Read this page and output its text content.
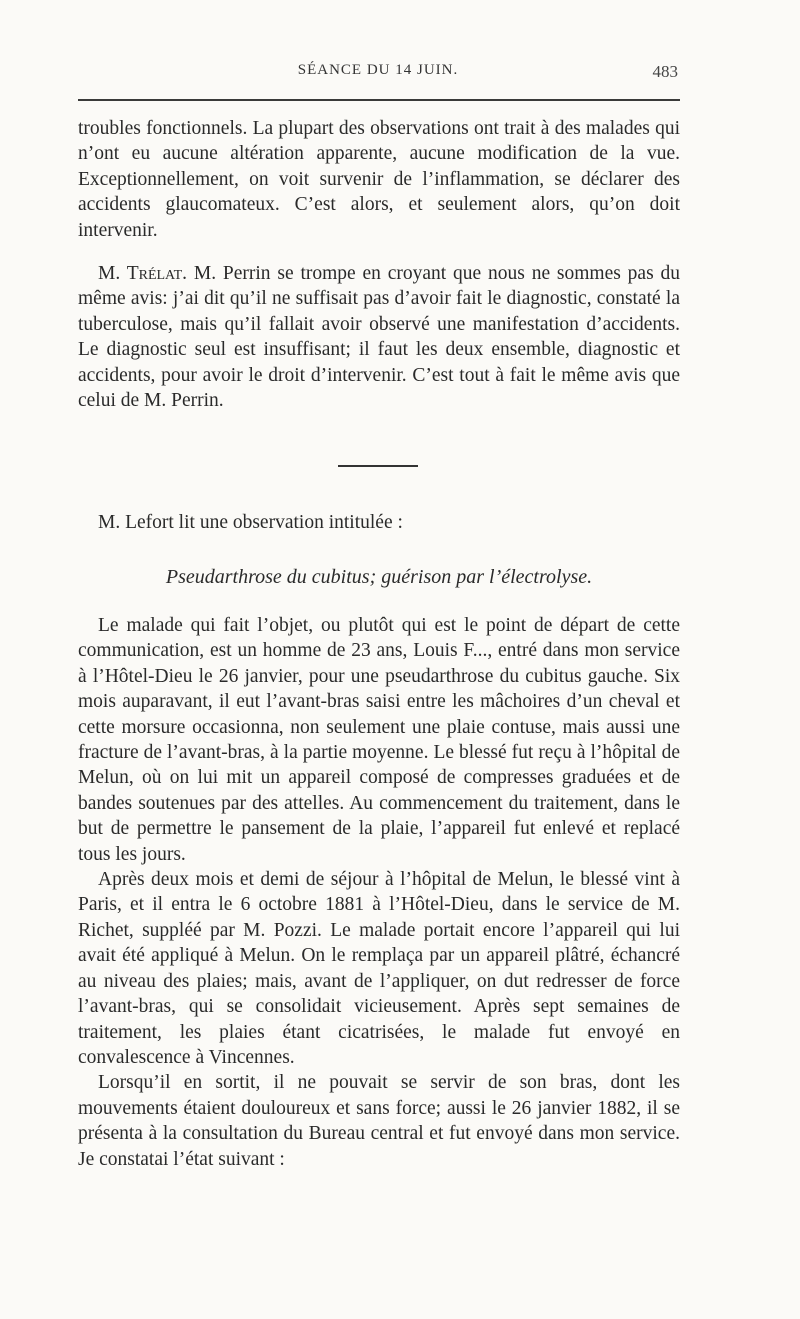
SÉANCE DU 14 JUIN.	483

troubles fonctionnels. La plupart des observations ont trait à des malades qui n’ont eu aucune altération apparente, aucune modification de la vue. Exceptionnellement, on voit survenir de l’inflammation, se déclarer des accidents glaucomateux. C’est alors, et seulement alors, qu’on doit intervenir.

M. Trélat. M. Perrin se trompe en croyant que nous ne sommes pas du même avis: j’ai dit qu’il ne suffisait pas d’avoir fait le diagnostic, constaté la tuberculose, mais qu’il fallait avoir observé une manifestation d’accidents. Le diagnostic seul est insuffisant; il faut les deux ensemble, diagnostic et accidents, pour avoir le droit d’intervenir. C’est tout à fait le même avis que celui de M. Perrin.

M. Lefort lit une observation intitulée :

Pseudarthrose du cubitus; guérison par l’électrolyse.

Le malade qui fait l’objet, ou plutôt qui est le point de départ de cette communication, est un homme de 23 ans, Louis F..., entré dans mon service à l’Hôtel-Dieu le 26 janvier, pour une pseudarthrose du cubitus gauche. Six mois auparavant, il eut l’avant-bras saisi entre les mâchoires d’un cheval et cette morsure occasionna, non seulement une plaie contuse, mais aussi une fracture de l’avant-bras, à la partie moyenne. Le blessé fut reçu à l’hôpital de Melun, où on lui mit un appareil composé de compresses graduées et de bandes soutenues par des attelles. Au commencement du traitement, dans le but de permettre le pansement de la plaie, l’appareil fut enlevé et replacé tous les jours.

Après deux mois et demi de séjour à l’hôpital de Melun, le blessé vint à Paris, et il entra le 6 octobre 1881 à l’Hôtel-Dieu, dans le service de M. Richet, suppléé par M. Pozzi. Le malade portait encore l’appareil qui lui avait été appliqué à Melun. On le remplaça par un appareil plâtré, échancré au niveau des plaies; mais, avant de l’appliquer, on dut redresser de force l’avant-bras, qui se consolidait vicieusement. Après sept semaines de traitement, les plaies étant cicatrisées, le malade fut envoyé en convalescence à Vincennes.

Lorsqu’il en sortit, il ne pouvait se servir de son bras, dont les mouvements étaient douloureux et sans force; aussi le 26 janvier 1882, il se présenta à la consultation du Bureau central et fut envoyé dans mon service. Je constatai l’état suivant :
